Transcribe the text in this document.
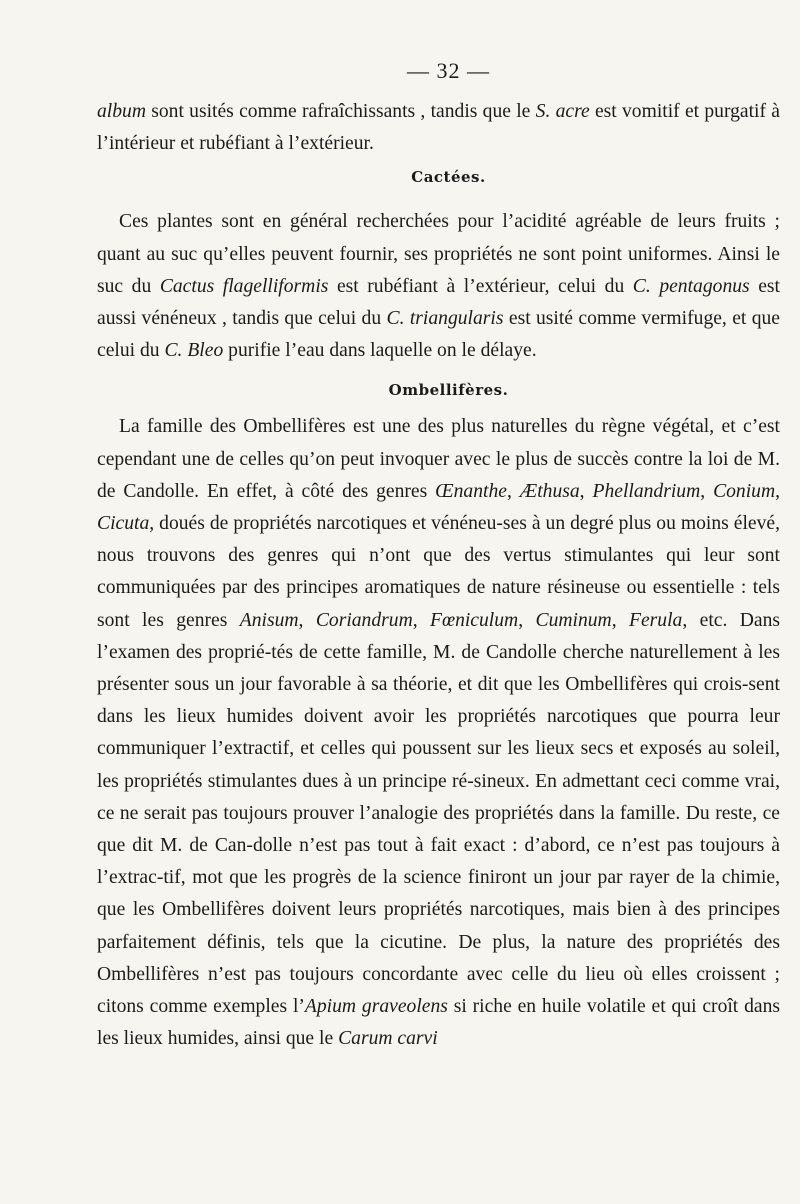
— 32 —

album sont usités comme rafraîchissants , tandis que le S. acre est vomitif et purgatif à l’intérieur et rubéfiant à l’extérieur.

Cactées.

Ces plantes sont en général recherchées pour l’acidité agréable de leurs fruits ; quant au suc qu’elles peuvent fournir, ses propriétés ne sont point uniformes. Ainsi le suc du Cactus flagelliformis est rubéfiant à l’extérieur, celui du C. pentagonus est aussi vénéneux , tandis que celui du C. triangularis est usité comme vermifuge, et que celui du C. Bleo purifie l’eau dans laquelle on le délaye.

Ombellifères.

La famille des Ombellifères est une des plus naturelles du règne végétal, et c’est cependant une de celles qu’on peut invoquer avec le plus de succès contre la loi de M. de Candolle. En effet, à côté des genres Œnanthe, Æthusa, Phellandrium, Conium, Cicuta, doués de propriétés narcotiques et vénéneu-ses à un degré plus ou moins élevé, nous trouvons des genres qui n’ont que des vertus stimulantes qui leur sont communiquées par des principes aromatiques de nature résineuse ou essentielle : tels sont les genres Anisum, Coriandrum, Fœniculum, Cuminum, Ferula, etc. Dans l’examen des proprié-tés de cette famille, M. de Candolle cherche naturellement à les présenter sous un jour favorable à sa théorie, et dit que les Ombellifères qui crois-sent dans les lieux humides doivent avoir les propriétés narcotiques que pourra leur communiquer l’extractif, et celles qui poussent sur les lieux secs et exposés au soleil, les propriétés stimulantes dues à un principe ré-sineux. En admettant ceci comme vrai, ce ne serait pas toujours prouver l’analogie des propriétés dans la famille. Du reste, ce que dit M. de Can-dolle n’est pas tout à fait exact : d’abord, ce n’est pas toujours à l’extrac-tif, mot que les progrès de la science finiront un jour par rayer de la chimie, que les Ombellifères doivent leurs propriétés narcotiques, mais bien à des principes parfaitement définis, tels que la cicutine. De plus, la nature des propriétés des Ombellifères n’est pas toujours concordante avec celle du lieu où elles croissent ; citons comme exemples l’Apium graveolens si riche en huile volatile et qui croît dans les lieux humides, ainsi que le Carum carvi
